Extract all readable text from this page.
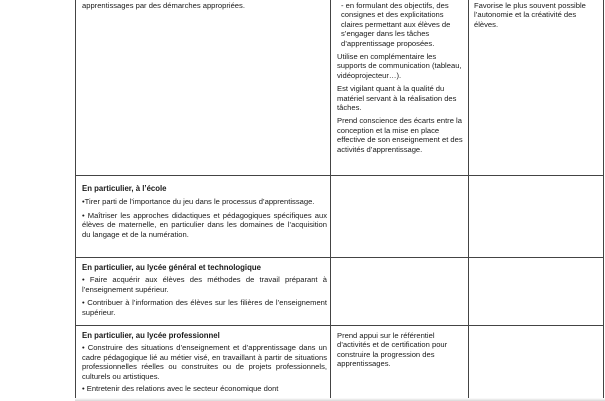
apprentissages par des démarches appropriées.	- en formulant des objectifs, des consignes et des explicitations claires permettant aux élèves de s’engager dans les tâches d’apprentissage proposées.

Utilise en complémentaire les supports de communication (tableau, vidéoprojecteur…).

Est vigilant quant à la qualité du matériel servant à la réalisation des tâches.

Prend conscience des écarts entre la conception et la mise en place effective de son enseignement et des activités d’apprentissage.

Favorise le plus souvent possible l’autonomie et la créativité des élèves.

En particulier, à l’école

•Tirer parti de l’importance du jeu dans le processus d’apprentissage.

• Maîtriser les approches didactiques et pédagogiques spécifiques aux élèves de maternelle, en particulier dans les domaines de l’acquisition du langage et de la numération.

En particulier, au lycée général et technologique

• Faire acquérir aux élèves des méthodes de travail préparant à l’enseignement supérieur.

• Contribuer à l’information des élèves sur les filières de l’enseignement supérieur.

En particulier, au lycée professionnel

• Construire des situations d’enseignement et d’apprentissage dans un cadre pédagogique lié au métier visé, en travaillant à partir de situations professionnelles réelles ou construites ou de projets professionnels, culturels ou artistiques.

• Entretenir des relations avec le secteur économique dont

Prend appui sur le référentiel d’activités et de certification pour construire la progression des apprentissages.
